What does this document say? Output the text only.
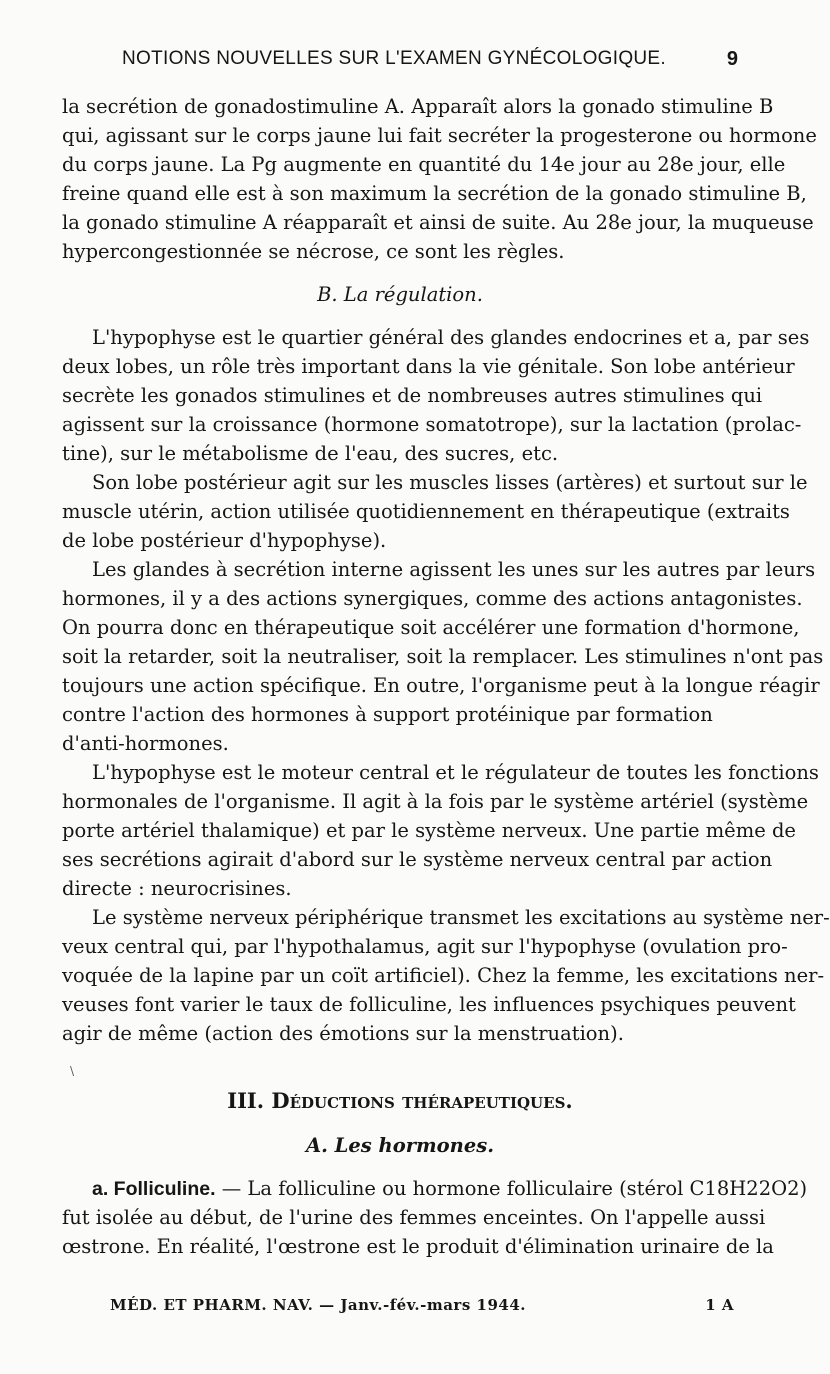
NOTIONS NOUVELLES SUR L'EXAMEN GYNÉCOLOGIQUE.	9
la secrétion de gonadostimuline A. Apparaît alors la gonado stimuline B
qui, agissant sur le corps jaune lui fait secréter la progesterone ou hormone
du corps jaune. La Pg augmente en quantité du 14e jour au 28e jour, elle
freine quand elle est à son maximum la secrétion de la gonado stimuline B,
la gonado stimuline A réapparaît et ainsi de suite. Au 28e jour, la muqueuse
hypercongestionnée se nécrose, ce sont les règles.
B. La régulation.
L'hypophyse est le quartier général des glandes endocrines et a, par ses
deux lobes, un rôle très important dans la vie génitale. Son lobe antérieur
secrète les gonados stimulines et de nombreuses autres stimulines qui
agissent sur la croissance (hormone somatotrope), sur la lactation (prolac-
tine), sur le métabolisme de l'eau, des sucres, etc.
Son lobe postérieur agit sur les muscles lisses (artères) et surtout sur le
muscle utérin, action utilisée quotidiennement en thérapeutique (extraits
de lobe postérieur d'hypophyse).
Les glandes à secrétion interne agissent les unes sur les autres par leurs
hormones, il y a des actions synergiques, comme des actions antagonistes.
On pourra donc en thérapeutique soit accélérer une formation d'hormone,
soit la retarder, soit la neutraliser, soit la remplacer. Les stimulines n'ont pas
toujours une action spécifique. En outre, l'organisme peut à la longue réagir
contre l'action des hormones à support protéinique par formation
d'anti-hormones.
L'hypophyse est le moteur central et le régulateur de toutes les fonctions
hormonales de l'organisme. Il agit à la fois par le système artériel (système
porte artériel thalamique) et par le système nerveux. Une partie même de
ses secrétions agirait d'abord sur le système nerveux central par action
directe : neurocrisines.
Le système nerveux périphérique transmet les excitations au système ner-
veux central qui, par l'hypothalamus, agit sur l'hypophyse (ovulation pro-
voquée de la lapine par un coït artificiel). Chez la femme, les excitations ner-
veuses font varier le taux de folliculine, les influences psychiques peuvent
agir de même (action des émotions sur la menstruation).
III. Déductions thérapeutiques.
A. Les hormones.
a. Folliculine. — La folliculine ou hormone folliculaire (stérol C18H22O2)
fut isolée au début, de l'urine des femmes enceintes. On l'appelle aussi
œstrone. En réalité, l'œstrone est le produit d'élimination urinaire de la
\
MÉD. ET PHARM. NAV. — Janv.-fév.-mars 1944.	1 A
